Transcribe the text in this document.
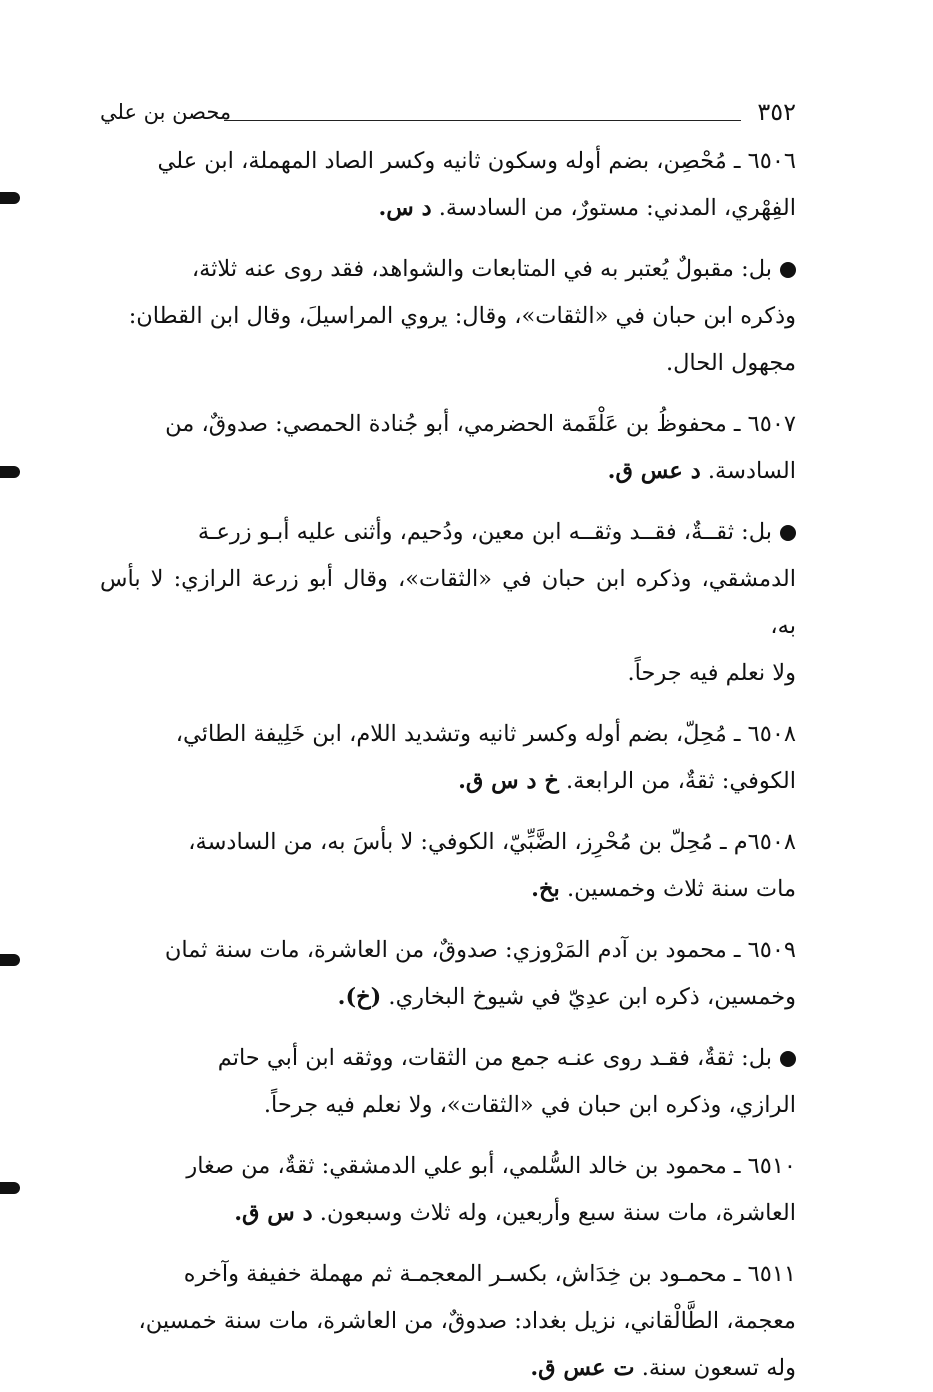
٣٥٢
محصن بن علي

٦٥٠٦ ـ مُحْصِن، بضم أوله وسكون ثانيه وكسر الصاد المهملة، ابن علي
الفِهْري، المدني: مستورٌ، من السادسة. د س.

بل: مقبولٌ يُعتبر به في المتابعات والشواهد، فقد روى عنه ثلاثة،
وذكره ابن حبان في «الثقات»، وقال: يروي المراسيلَ، وقال ابن القطان:
مجهول الحال.

٦٥٠٧ ـ محفوظُ بن عَلْقَمة الحضرمي، أبو جُنادة الحمصي: صدوقٌ، من
السادسة. د عس ق.

بل: ثقــةٌ، فقــد وثقــه ابن معين، ودُحيم، وأثنى عليه أبـو زرعـة
الدمشقي، وذكره ابن حبان في «الثقات»، وقال أبو زرعة الرازي: لا بأس به،
ولا نعلم فيه جرحاً.

٦٥٠٨ ـ مُحِلّ، بضم أوله وكسر ثانيه وتشديد اللام، ابن خَلِيفة الطائي،
الكوفي: ثقةٌ، من الرابعة. خ د س ق.

٦٥٠٨م ـ مُحِلّ بن مُحْرِز، الضَّبِّيّ، الكوفي: لا بأسَ به، من السادسة،
مات سنة ثلاث وخمسين. بخ.

٦٥٠٩ ـ محمود بن آدم المَرْوزي: صدوقٌ، من العاشرة، مات سنة ثمان
وخمسين، ذكره ابن عدِيّ في شيوخ البخاري. (خ).

بل: ثقةٌ، فقـد روى عنـه جمع من الثقات، ووثقه ابن أبي حاتم
الرازي، وذكره ابن حبان في «الثقات»، ولا نعلم فيه جرحاً.

٦٥١٠ ـ محمود بن خالد السُّلمي، أبو علي الدمشقي: ثقةٌ، من صغار
العاشرة، مات سنة سبع وأربعين، وله ثلاث وسبعون. د س ق.

٦٥١١ ـ محمـود بن خِدَاش، بكسـر المعجمـة ثم مهملة خفيفة وآخره
معجمة، الطَّالْقاني، نزيل بغداد: صدوقٌ، من العاشرة، مات سنة خمسين،
وله تسعون سنة. ت عس ق.
